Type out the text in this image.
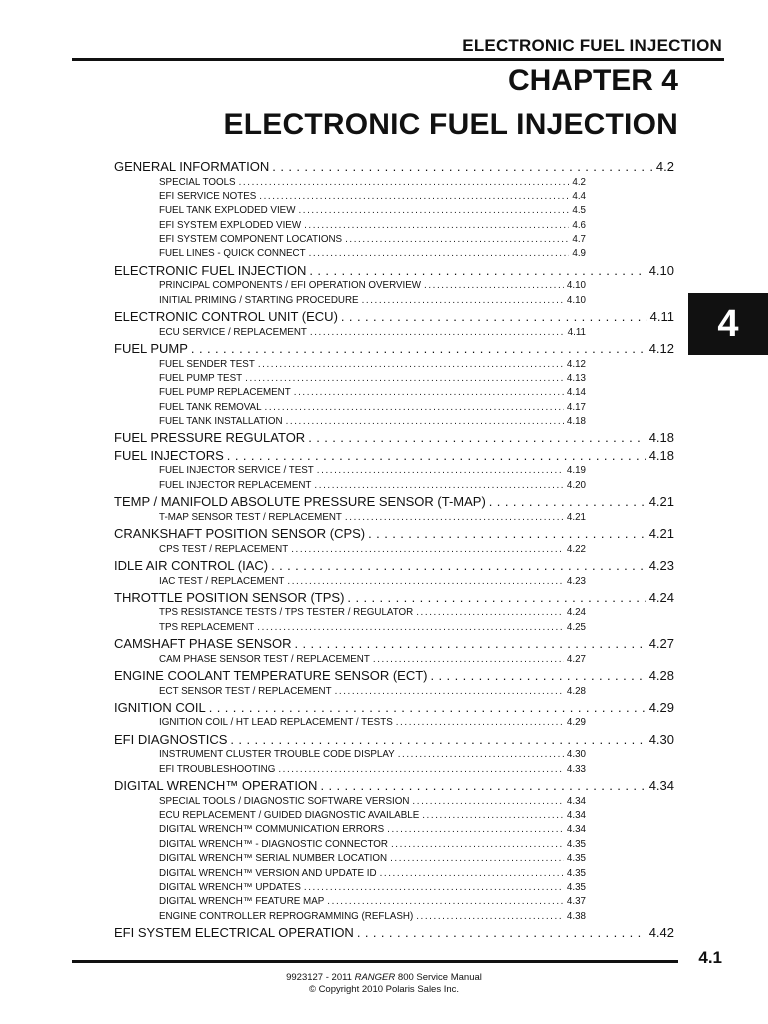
ELECTRONIC FUEL INJECTION
CHAPTER 4
ELECTRONIC FUEL INJECTION
4
GENERAL INFORMATION . . .	4.2
SPECIAL TOOLS .....	4.2
EFI SERVICE NOTES .....	4.4
FUEL TANK EXPLODED VIEW .....	4.5
EFI SYSTEM EXPLODED VIEW .....	4.6
EFI SYSTEM COMPONENT LOCATIONS .....	4.7
FUEL LINES - QUICK CONNECT .....	4.9
ELECTRONIC FUEL INJECTION . . .	4.10
PRINCIPAL COMPONENTS / EFI OPERATION OVERVIEW .....	4.10
INITIAL PRIMING / STARTING PROCEDURE .....	4.10
ELECTRONIC CONTROL UNIT (ECU) . . .	4.11
ECU SERVICE / REPLACEMENT .....	4.11
FUEL PUMP . . .	4.12
FUEL SENDER TEST .....	4.12
FUEL PUMP TEST .....	4.13
FUEL PUMP REPLACEMENT .....	4.14
FUEL TANK REMOVAL .....	4.17
FUEL TANK INSTALLATION .....	4.18
FUEL PRESSURE REGULATOR . . .	4.18
FUEL INJECTORS . . .	4.18
FUEL INJECTOR SERVICE / TEST .....	4.19
FUEL INJECTOR REPLACEMENT .....	4.20
TEMP / MANIFOLD ABSOLUTE PRESSURE SENSOR (T-MAP) . . .	4.21
T-MAP SENSOR TEST / REPLACEMENT .....	4.21
CRANKSHAFT POSITION SENSOR (CPS) . . .	4.21
CPS TEST / REPLACEMENT .....	4.22
IDLE AIR CONTROL (IAC) . . .	4.23
IAC TEST / REPLACEMENT .....	4.23
THROTTLE POSITION SENSOR (TPS) . . .	4.24
TPS RESISTANCE TESTS / TPS TESTER / REGULATOR .....	4.24
TPS REPLACEMENT .....	4.25
CAMSHAFT PHASE SENSOR . . .	4.27
CAM PHASE SENSOR TEST / REPLACEMENT .....	4.27
ENGINE COOLANT TEMPERATURE SENSOR (ECT) . . .	4.28
ECT SENSOR TEST / REPLACEMENT .....	4.28
IGNITION COIL . . .	4.29
IGNITION COIL / HT LEAD REPLACEMENT / TESTS .....	4.29
EFI DIAGNOSTICS . . .	4.30
INSTRUMENT CLUSTER TROUBLE CODE DISPLAY .....	4.30
EFI TROUBLESHOOTING .....	4.33
DIGITAL WRENCH™ OPERATION . . .	4.34
SPECIAL TOOLS / DIAGNOSTIC SOFTWARE VERSION .....	4.34
ECU REPLACEMENT / GUIDED DIAGNOSTIC AVAILABLE .....	4.34
DIGITAL WRENCH™ COMMUNICATION ERRORS .....	4.34
DIGITAL WRENCH™ - DIAGNOSTIC CONNECTOR .....	4.35
DIGITAL WRENCH™ SERIAL NUMBER LOCATION .....	4.35
DIGITAL WRENCH™ VERSION AND UPDATE ID .....	4.35
DIGITAL WRENCH™ UPDATES .....	4.35
DIGITAL WRENCH™ FEATURE MAP .....	4.37
ENGINE CONTROLLER REPROGRAMMING (REFLASH) .....	4.38
EFI SYSTEM ELECTRICAL OPERATION . . .	4.42
4.1
9923127 - 2011 RANGER 800 Service Manual
© Copyright 2010 Polaris Sales Inc.
